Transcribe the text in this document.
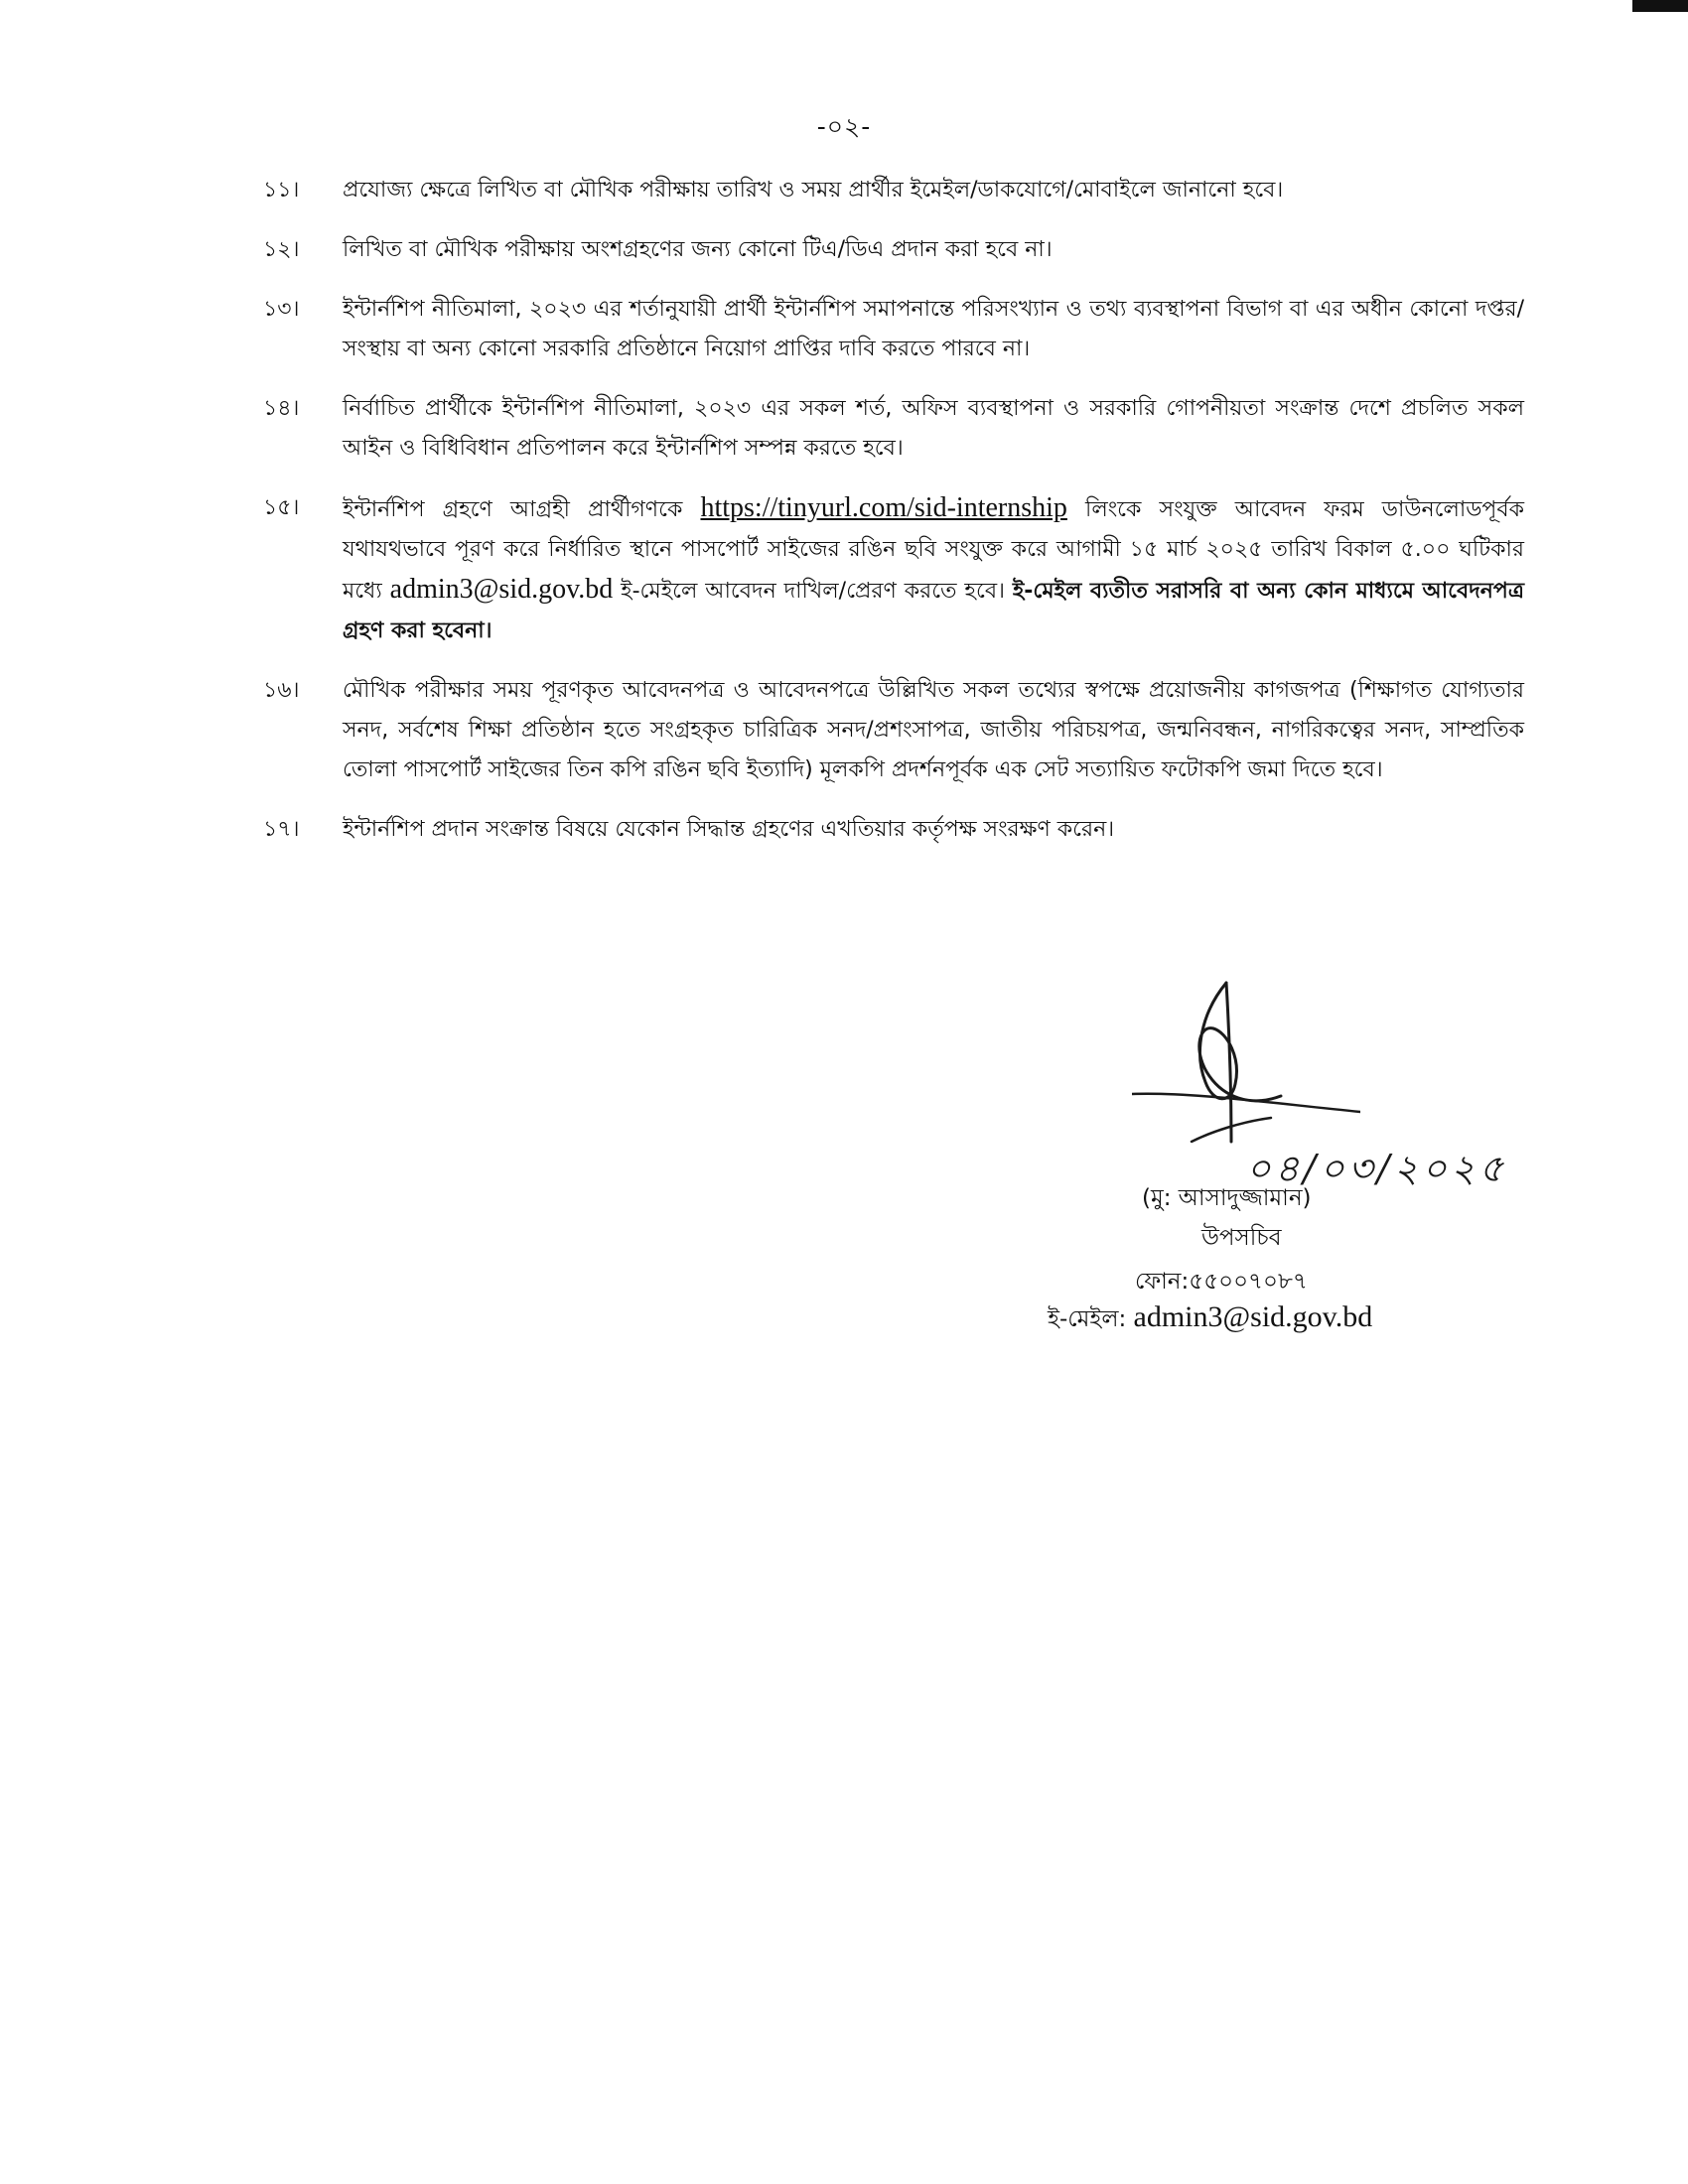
-০২-
১১। প্রযোজ্য ক্ষেত্রে লিখিত বা মৌখিক পরীক্ষায় তারিখ ও সময় প্রার্থীর ইমেইল/ডাকযোগে/মোবাইলে জানানো হবে।
১২। লিখিত বা মৌখিক পরীক্ষায় অংশগ্রহণের জন্য কোনো টিএ/ডিএ প্রদান করা হবে না।
১৩। ইন্টার্নশিপ নীতিমালা, ২০২৩ এর শর্তানুযায়ী প্রার্থী ইন্টার্নশিপ সমাপনান্তে পরিসংখ্যান ও তথ্য ব্যবস্থাপনা বিভাগ বা এর অধীন কোনো দপ্তর/সংস্থায় বা অন্য কোনো সরকারি প্রতিষ্ঠানে নিয়োগ প্রাপ্তির দাবি করতে পারবে না।
১৪। নির্বাচিত প্রার্থীকে ইন্টার্নশিপ নীতিমালা, ২০২৩ এর সকল শর্ত, অফিস ব্যবস্থাপনা ও সরকারি গোপনীয়তা সংক্রান্ত দেশে প্রচলিত সকল আইন ও বিধিবিধান প্রতিপালন করে ইন্টার্নশিপ সম্পন্ন করতে হবে।
১৫। ইন্টার্নশিপ গ্রহণে আগ্রহী প্রার্থীগণকে https://tinyurl.com/sid-internship লিংকে সংযুক্ত আবেদন ফরম ডাউনলোডপূর্বক যথাযথভাবে পূরণ করে নির্ধারিত স্থানে পাসপোর্ট সাইজের রঙিন ছবি সংযুক্ত করে আগামী ১৫ মার্চ ২০২৫ তারিখ বিকাল ৫.০০ ঘটিকার মধ্যে admin3@sid.gov.bd ই-মেইলে আবেদন দাখিল/প্রেরণ করতে হবে। ই-মেইল ব্যতীত সরাসরি বা অন্য কোন মাধ্যমে আবেদনপত্র গ্রহণ করা হবেনা।
১৬। মৌখিক পরীক্ষার সময় পূরণকৃত আবেদনপত্র ও আবেদনপত্রে উল্লিখিত সকল তথ্যের স্বপক্ষে প্রয়োজনীয় কাগজপত্র (শিক্ষাগত যোগ্যতার সনদ, সর্বশেষ শিক্ষা প্রতিষ্ঠান হতে সংগ্রহকৃত চারিত্রিক সনদ/প্রশংসাপত্র, জাতীয় পরিচয়পত্র, জন্মনিবন্ধন, নাগরিকত্বের সনদ, সাম্প্রতিক তোলা পাসপোর্ট সাইজের তিন কপি রঙিন ছবি ইত্যাদি) মূলকপি প্রদর্শনপূর্বক এক সেট সত্যায়িত ফটোকপি জমা দিতে হবে।
১৭। ইন্টার্নশিপ প্রদান সংক্রান্ত বিষয়ে যেকোন সিদ্ধান্ত গ্রহণের এখতিয়ার কর্তৃপক্ষ সংরক্ষণ করেন।
০৪/০৩/২০২৫
(মু: আসাদুজ্জামান)
উপসচিব
ফোন:৫৫০০৭০৮৭
ই-মেইল: admin3@sid.gov.bd
